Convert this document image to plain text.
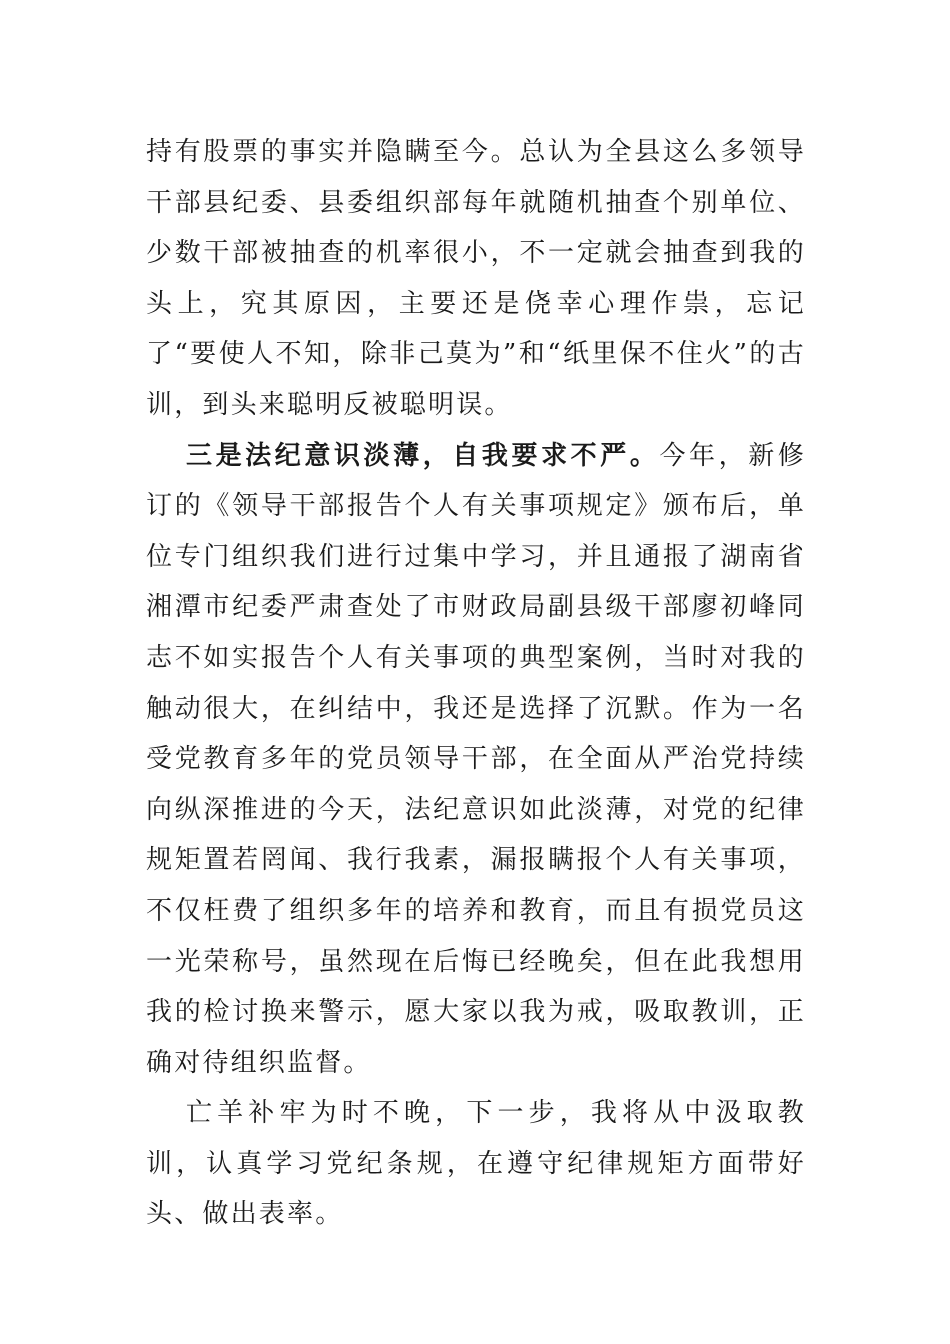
持有股票的事实并隐瞒至今。总认为全县这么多领导干部县纪委、县委组织部每年就随机抽查个别单位、少数干部被抽查的机率很小，不一定就会抽查到我的头上，究其原因，主要还是侥幸心理作祟，忘记了“要使人不知，除非己莫为”和“纸里保不住火”的古训，到头来聪明反被聪明误。

三是法纪意识淡薄，自我要求不严。今年，新修订的《领导干部报告个人有关事项规定》颁布后，单位专门组织我们进行过集中学习，并且通报了湖南省湘潭市纪委严肃查处了市财政局副县级干部廖初峰同志不如实报告个人有关事项的典型案例，当时对我的触动很大，在纠结中，我还是选择了沉默。作为一名受党教育多年的党员领导干部，在全面从严治党持续向纵深推进的今天，法纪意识如此淡薄，对党的纪律规矩置若罔闻、我行我素，漏报瞒报个人有关事项，不仅枉费了组织多年的培养和教育，而且有损党员这一光荣称号，虽然现在后悔已经晚矣，但在此我想用我的检讨换来警示，愿大家以我为戒，吸取教训，正确对待组织监督。

亡羊补牢为时不晚，下一步，我将从中汲取教训，认真学习党纪条规，在遵守纪律规矩方面带好头、做出表率。
